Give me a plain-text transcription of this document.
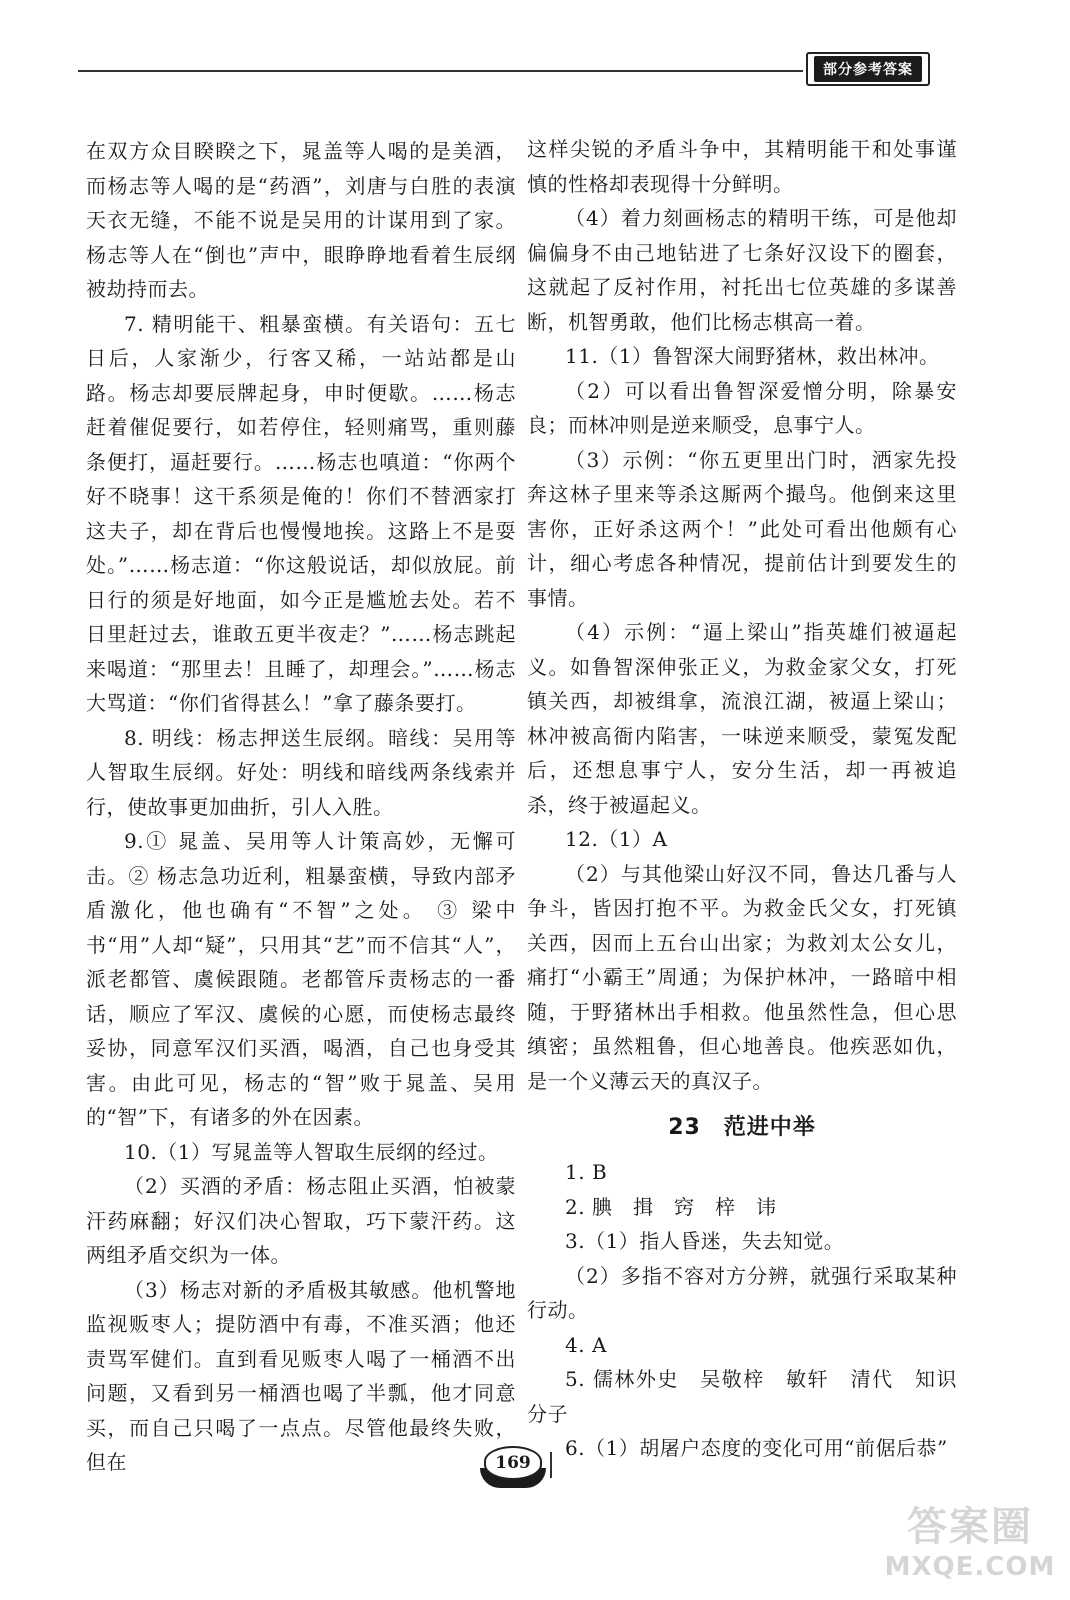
部分参考答案

在双方众目睽睽之下，晁盖等人喝的是美酒，而杨志等人喝的是“药酒”，刘唐与白胜的表演天衣无缝，不能不说是吴用的计谋用到了家。杨志等人在“倒也”声中，眼睁睁地看着生辰纲被劫持而去。

7. 精明能干、粗暴蛮横。有关语句：五七日后，人家渐少，行客又稀，一站站都是山路。杨志却要辰牌起身，申时便歇。……杨志赶着催促要行，如若停住，轻则痛骂，重则藤条便打，逼赶要行。……杨志也嗔道：“你两个好不晓事！这干系须是俺的！你们不替洒家打这夫子，却在背后也慢慢地挨。这路上不是耍处。”……杨志道：“你这般说话，却似放屁。前日行的须是好地面，如今正是尴尬去处。若不日里赶过去，谁敢五更半夜走？”……杨志跳起来喝道：“那里去！且睡了，却理会。”……杨志大骂道：“你们省得甚么！”拿了藤条要打。

8. 明线：杨志押送生辰纲。暗线：吴用等人智取生辰纲。好处：明线和暗线两条线索并行，使故事更加曲折，引人入胜。

9.① 晁盖、吴用等人计策高妙，无懈可击。② 杨志急功近利，粗暴蛮横，导致内部矛盾激化，他也确有“不智”之处。 ③ 梁中书“用”人却“疑”，只用其“艺”而不信其“人”，派老都管、虞候跟随。老都管斥责杨志的一番话，顺应了军汉、虞候的心愿，而使杨志最终妥协，同意军汉们买酒，喝酒，自己也身受其害。由此可见，杨志的“智”败于晁盖、吴用的“智”下，有诸多的外在因素。

10.（1）写晁盖等人智取生辰纲的经过。

（2）买酒的矛盾：杨志阻止买酒，怕被蒙汗药麻翻；好汉们决心智取，巧下蒙汗药。这两组矛盾交织为一体。

（3）杨志对新的矛盾极其敏感。他机警地监视贩枣人；提防酒中有毒，不准买酒；他还责骂军健们。直到看见贩枣人喝了一桶酒不出问题，又看到另一桶酒也喝了半瓢，他才同意买，而自己只喝了一点点。尽管他最终失败，但在

这样尖锐的矛盾斗争中，其精明能干和处事谨慎的性格却表现得十分鲜明。

（4）着力刻画杨志的精明干练，可是他却偏偏身不由己地钻进了七条好汉设下的圈套，这就起了反衬作用，衬托出七位英雄的多谋善断，机智勇敢，他们比杨志棋高一着。

11.（1）鲁智深大闹野猪林，救出林冲。

（2）可以看出鲁智深爱憎分明，除暴安良；而林冲则是逆来顺受，息事宁人。

（3）示例：“你五更里出门时，洒家先投奔这林子里来等杀这厮两个撮鸟。他倒来这里害你，正好杀这两个！”此处可看出他颇有心计，细心考虑各种情况，提前估计到要发生的事情。

（4）示例：“逼上梁山”指英雄们被逼起义。如鲁智深伸张正义，为救金家父女，打死镇关西，却被缉拿，流浪江湖，被逼上梁山；林冲被高衙内陷害，一味逆来顺受，蒙冤发配后，还想息事宁人，安分生活，却一再被追杀，终于被逼起义。

12.（1）A

（2）与其他梁山好汉不同，鲁达几番与人争斗，皆因打抱不平。为救金氏父女，打死镇关西，因而上五台山出家；为救刘太公女儿，痛打“小霸王”周通；为保护林冲，一路暗中相随，于野猪林出手相救。他虽然性急，但心思缜密；虽然粗鲁，但心地善良。他疾恶如仇，是一个义薄云天的真汉子。

23　范进中举

1. B

2. 腆　揖　窍　梓　讳

3.（1）指人昏迷，失去知觉。

（2）多指不容对方分辨，就强行采取某种行动。

4. A

5. 儒林外史　吴敬梓　敏轩　清代　知识分子

6.（1）胡屠户态度的变化可用“前倨后恭”

169
答案圈
MXQE.COM
